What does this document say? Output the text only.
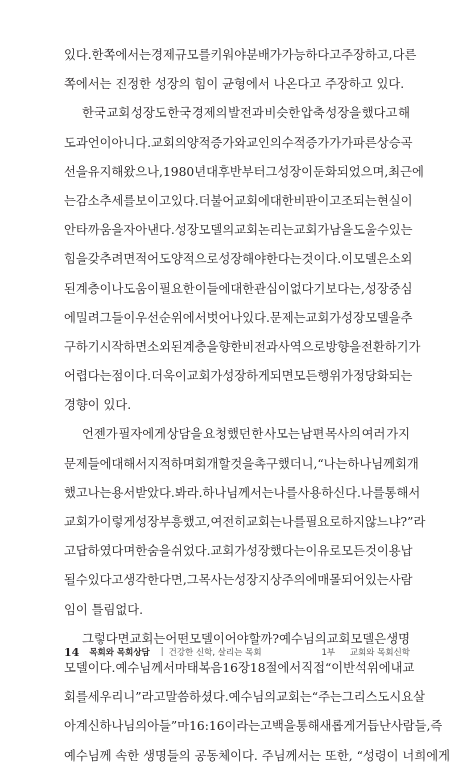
있다. 한쪽에서는 경제 규모를 키워야 분배가 가능하다고 주장하고, 다른
쪽에서는 진정한 성장의 힘이 균형에서 나온다고 주장하고 있다.
한국 교회 성장도 한국 경제의 발전과 비슷한 압축 성장을 했다고 해
도 과언이 아니다. 교회의 양적 증가와 교인의 수적 증가가 가파른 상승 곡
선을 유지해 왔으나, 1980년대 후반부터 그 성장이 둔화되었으며, 최근에
는 감소 추세를 보이고 있다. 더불어 교회에 대한 비판이 고조되는 현실이
안타까움을 자아낸다. 성장 모델의 교회 논리는 교회가 남을 도울 수 있는
힘을 갖추려면 적어도 양적으로 성장해야 한다는 것이다. 이 모델은 소외
된 계층이나 도움이 필요한 이들에 대한 관심이 없다기보다는, 성장 중심
에 밀려 그들이 우선순위에서 벗어나 있다. 문제는 교회가 성장 모델을 추
구하기 시작하면 소외된 계층을 향한 비전과 사역으로 방향을 전환하기가
어렵다는 점이다. 더욱이 교회가 성장하게 되면 모든 행위가 정당화되는
경향이 있다.
언젠가 필자에게 상담을 요청했던 한 사모는 남편 목사의 여러 가지
문제들에 대해서 지적하며 회개할 것을 촉구했더니, “나는 하나님께 회개
했고 나는 용서받았다. 봐라. 하나님께서는 나를 사용하신다. 나를 통해서
교회가 이렇게 성장부흥했고, 여전히 교회는 나를 필요로 하지 않느냐?”라
고 답하였다며 한숨을 쉬었다. 교회가 성장했다는 이유로 모든 것이 용납
될 수 있다고 생각한다면, 그 목사는 성장지상주의에 매몰되어 있는 사람
임이 틀림없다.
그렇다면 교회는 어떤 모델이어야 할까? 예수님의 교회 모델은 생명
모델이다. 예수님께서 마태복음 16장 18절에서 직접 “이 반석 위에 내 교
회를 세우리니”라고 말씀하셨다. 예수님의 교회는 “주는 그리스도시요 살
아계신 하나님의 아들”마 16:16이라는 고백을 통해 새롭게 거듭난 사람들, 즉
예수님께 속한 생명들의 공동체이다. 주님께서는 또한, “성령이 너희에게
14 목회와 목회상담 | 건강한 신학, 살리는 목회	1부 교회와 목회신학
